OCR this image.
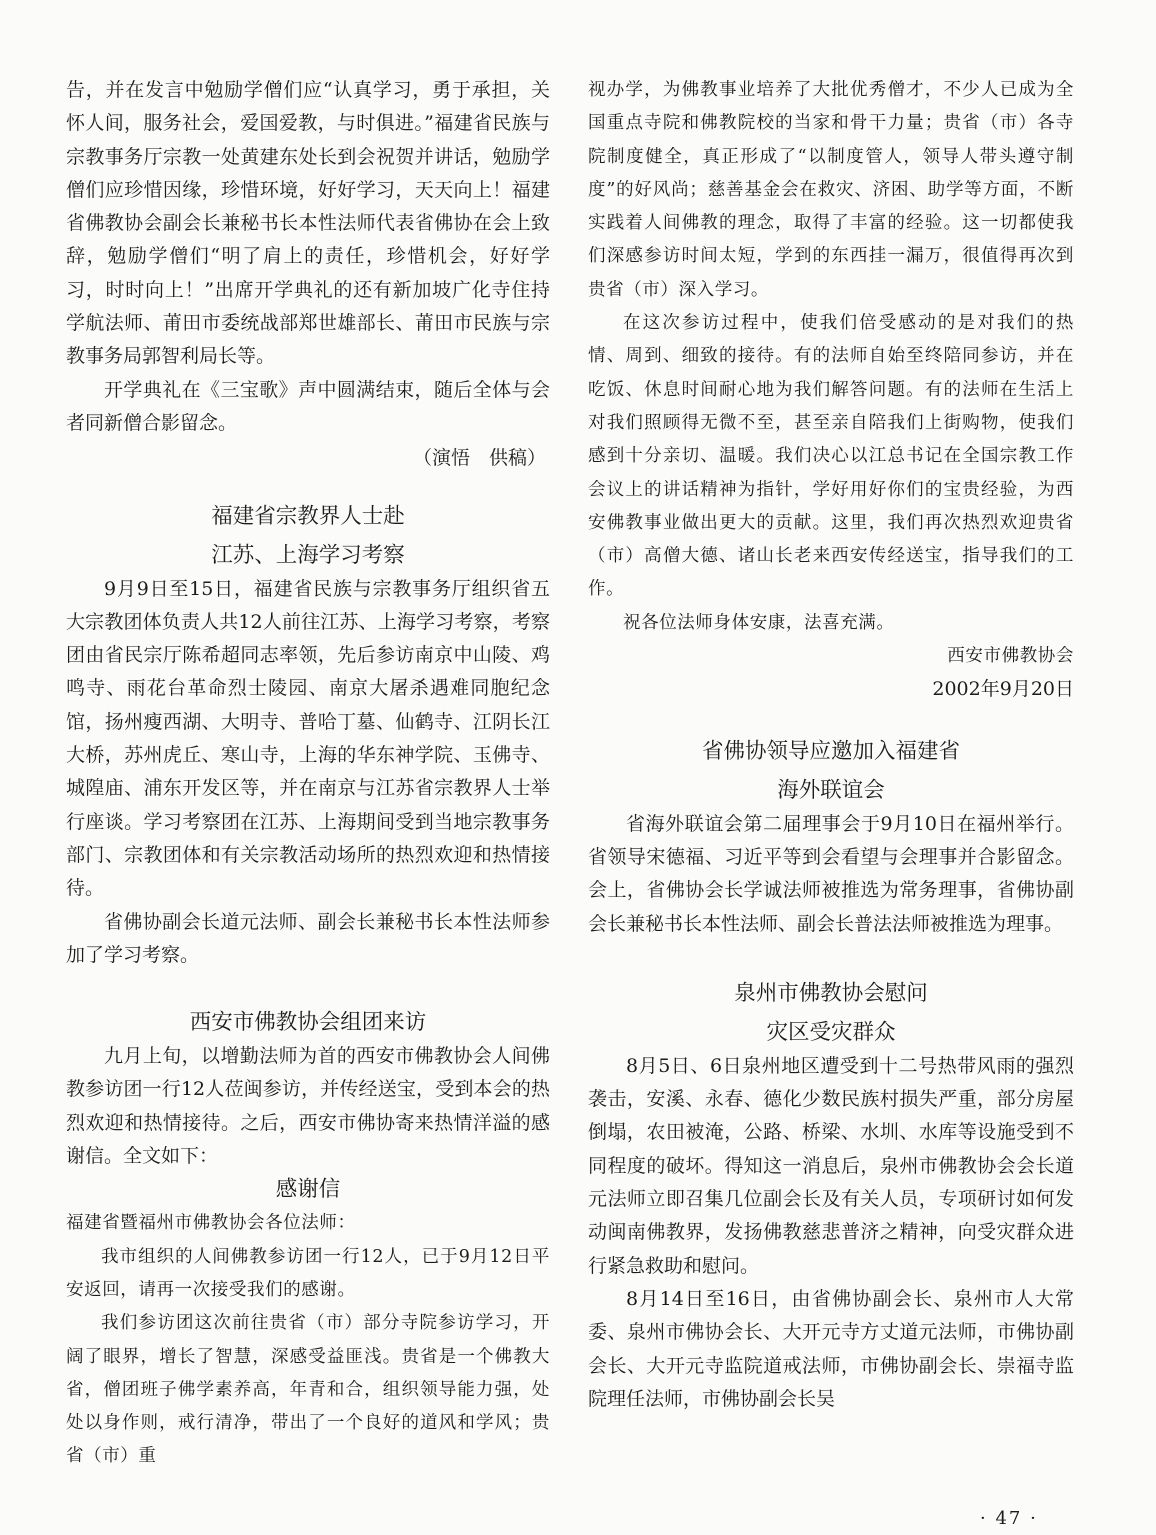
告，并在发言中勉励学僧们应“认真学习，勇于承担，关怀人间，服务社会，爱国爱教，与时俱进。”福建省民族与宗教事务厅宗教一处黄建东处长到会祝贺并讲话，勉励学僧们应珍惜因缘，珍惜环境，好好学习，天天向上！福建省佛教协会副会长兼秘书长本性法师代表省佛协在会上致辞，勉励学僧们“明了肩上的责任，珍惜机会，好好学习，时时向上！”出席开学典礼的还有新加坡广化寺住持学航法师、莆田市委统战部郑世雄部长、莆田市民族与宗教事务局郭智利局长等。

开学典礼在《三宝歌》声中圆满结束，随后全体与会者同新僧合影留念。

（演悟　供稿）

福建省宗教界人士赴
江苏、上海学习考察

9月9日至15日，福建省民族与宗教事务厅组织省五大宗教团体负责人共12人前往江苏、上海学习考察，考察团由省民宗厅陈希超同志率领，先后参访南京中山陵、鸡鸣寺、雨花台革命烈士陵园、南京大屠杀遇难同胞纪念馆，扬州瘦西湖、大明寺、普哈丁墓、仙鹤寺、江阴长江大桥，苏州虎丘、寒山寺，上海的华东神学院、玉佛寺、城隍庙、浦东开发区等，并在南京与江苏省宗教界人士举行座谈。学习考察团在江苏、上海期间受到当地宗教事务部门、宗教团体和有关宗教活动场所的热烈欢迎和热情接待。

省佛协副会长道元法师、副会长兼秘书长本性法师参加了学习考察。

西安市佛教协会组团来访

九月上旬，以增勤法师为首的西安市佛教协会人间佛教参访团一行12人莅闽参访，并传经送宝，受到本会的热烈欢迎和热情接待。之后，西安市佛协寄来热情洋溢的感谢信。全文如下：

感谢信

福建省暨福州市佛教协会各位法师：

我市组织的人间佛教参访团一行12人，已于9月12日平安返回，请再一次接受我们的感谢。

我们参访团这次前往贵省（市）部分寺院参访学习，开阔了眼界，增长了智慧，深感受益匪浅。贵省是一个佛教大省，僧团班子佛学素养高，年青和合，组织领导能力强，处处以身作则，戒行清净，带出了一个良好的道风和学风；贵省（市）重

视办学，为佛教事业培养了大批优秀僧才，不少人已成为全国重点寺院和佛教院校的当家和骨干力量；贵省（市）各寺院制度健全，真正形成了“以制度管人，领导人带头遵守制度”的好风尚；慈善基金会在救灾、济困、助学等方面，不断实践着人间佛教的理念，取得了丰富的经验。这一切都使我们深感参访时间太短，学到的东西挂一漏万，很值得再次到贵省（市）深入学习。

在这次参访过程中，使我们倍受感动的是对我们的热情、周到、细致的接待。有的法师自始至终陪同参访，并在吃饭、休息时间耐心地为我们解答问题。有的法师在生活上对我们照顾得无微不至，甚至亲自陪我们上街购物，使我们感到十分亲切、温暖。我们决心以江总书记在全国宗教工作会议上的讲话精神为指针，学好用好你们的宝贵经验，为西安佛教事业做出更大的贡献。这里，我们再次热烈欢迎贵省（市）高僧大德、诸山长老来西安传经送宝，指导我们的工作。

祝各位法师身体安康，法喜充满。

西安市佛教协会

2002年9月20日

省佛协领导应邀加入福建省
海外联谊会

省海外联谊会第二届理事会于9月10日在福州举行。省领导宋德福、习近平等到会看望与会理事并合影留念。会上，省佛协会长学诚法师被推选为常务理事，省佛协副会长兼秘书长本性法师、副会长普法法师被推选为理事。

泉州市佛教协会慰问
灾区受灾群众

8月5日、6日泉州地区遭受到十二号热带风雨的强烈袭击，安溪、永春、德化少数民族村损失严重，部分房屋倒塌，农田被淹，公路、桥梁、水圳、水库等设施受到不同程度的破坏。得知这一消息后，泉州市佛教协会会长道元法师立即召集几位副会长及有关人员，专项研讨如何发动闽南佛教界，发扬佛教慈悲普济之精神，向受灾群众进行紧急救助和慰问。

8月14日至16日，由省佛协副会长、泉州市人大常委、泉州市佛协会长、大开元寺方丈道元法师，市佛协副会长、大开元寺监院道戒法师，市佛协副会长、崇福寺监院理任法师，市佛协副会长吴

· 47 ·
